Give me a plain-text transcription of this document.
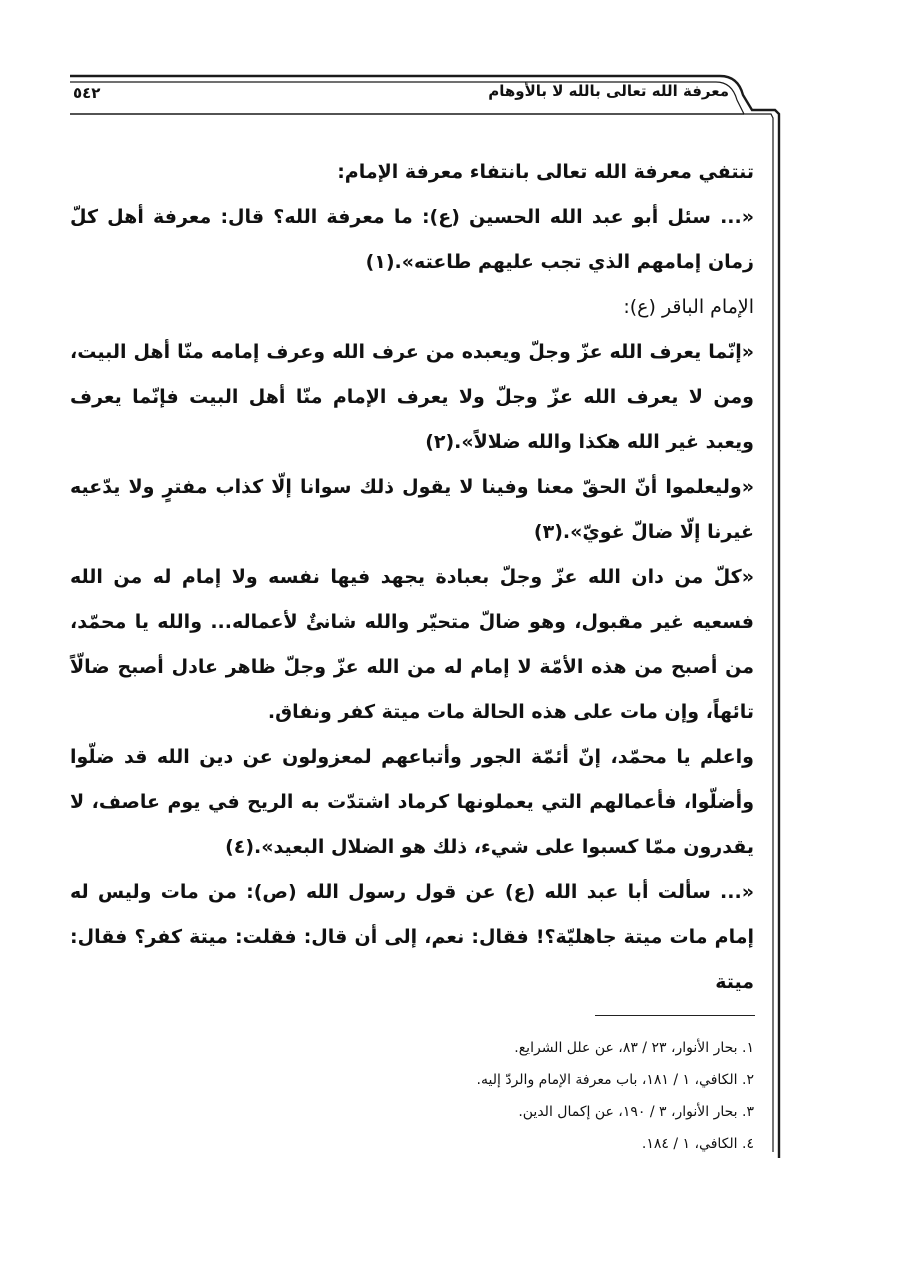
معرفة الله تعالى بالله لا بالأوهام
٥٤٢

تنتفي معرفة الله تعالى بانتفاء معرفة الإمام:

«... سئل أبو عبد الله الحسين (ع): ما معرفة الله؟ قال: معرفة أهل كلّ زمان إمامهم الذي تجب عليهم طاعته».(١)

الإمام الباقر (ع):

«إنّما يعرف الله عزّ وجلّ ويعبده من عرف الله وعرف إمامه منّا أهل البيت، ومن لا يعرف الله عزّ وجلّ ولا يعرف الإمام منّا أهل البيت فإنّما يعرف ويعبد غير الله هكذا والله ضلالاً».(٢)

«وليعلموا أنّ الحقّ معنا وفينا لا يقول ذلك سوانا إلّا كذاب مفترٍ ولا يدّعيه غيرنا إلّا ضالّ غويّ».(٣)

«كلّ من دان الله عزّ وجلّ بعبادة يجهد فيها نفسه ولا إمام له من الله فسعيه غير مقبول، وهو ضالّ متحيّر والله شانئٌ لأعماله... والله يا محمّد، من أصبح من هذه الأمّة لا إمام له من الله عزّ وجلّ ظاهر عادل أصبح ضالّاً تائهاً، وإن مات على هذه الحالة مات ميتة كفر ونفاق.

واعلم يا محمّد، إنّ أئمّة الجور وأتباعهم لمعزولون عن دين الله قد ضلّوا وأضلّوا، فأعمالهم التي يعملونها كرماد اشتدّت به الريح في يوم عاصف، لا يقدرون ممّا كسبوا على شيء، ذلك هو الضلال البعيد».(٤)

«... سألت أبا عبد الله (ع) عن قول رسول الله (ص): من مات وليس له إمام مات ميتة جاهليّة؟! فقال: نعم، إلى أن قال: فقلت: ميتة كفر؟ فقال: ميتة

١. بحار الأنوار، ٢٣ / ٨٣، عن علل الشرايع.
٢. الكافي، ١ / ١٨١، باب معرفة الإمام والردّ إليه.
٣. بحار الأنوار، ٣ / ١٩٠، عن إكمال الدين.
٤. الكافي، ١ / ١٨٤.
